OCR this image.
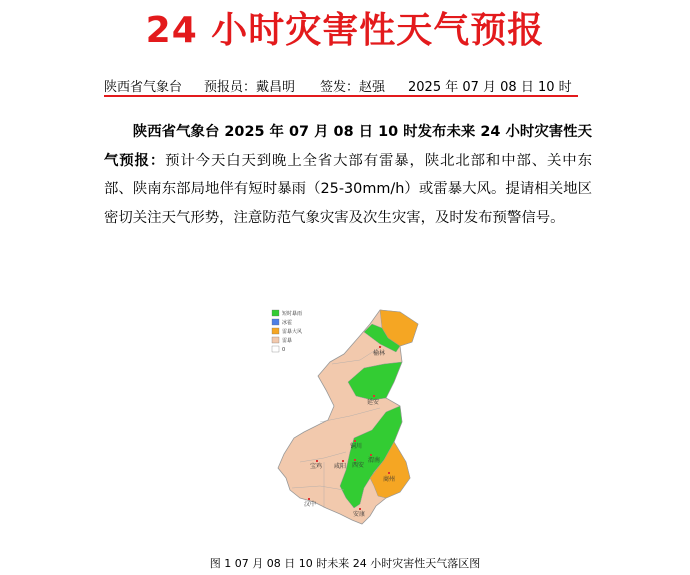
24 小时灾害性天气预报
陕西省气象台 预报员：戴昌明 签发：赵强 2025 年 07 月 08 日 10 时
陕西省气象台 2025 年 07 月 08 日 10 时发布未来 24 小时灾害性天气预报：预计今天白天到晚上全省大部有雷暴，陕北北部和中部、关中东部、陕南东部局地伴有短时暴雨（25-30mm/h）或雷暴大风。提请相关地区密切关注天气形势，注意防范气象灾害及次生灾害，及时发布预警信号。
短时暴雨
冰雹
雷暴大风
雷暴
0	榆林
延安
铜川
宝鸡 咸阳 西安
渭南
商州
汉中
安康
图 1 07 月 08 日 10 时未来 24 小时灾害性天气落区图
